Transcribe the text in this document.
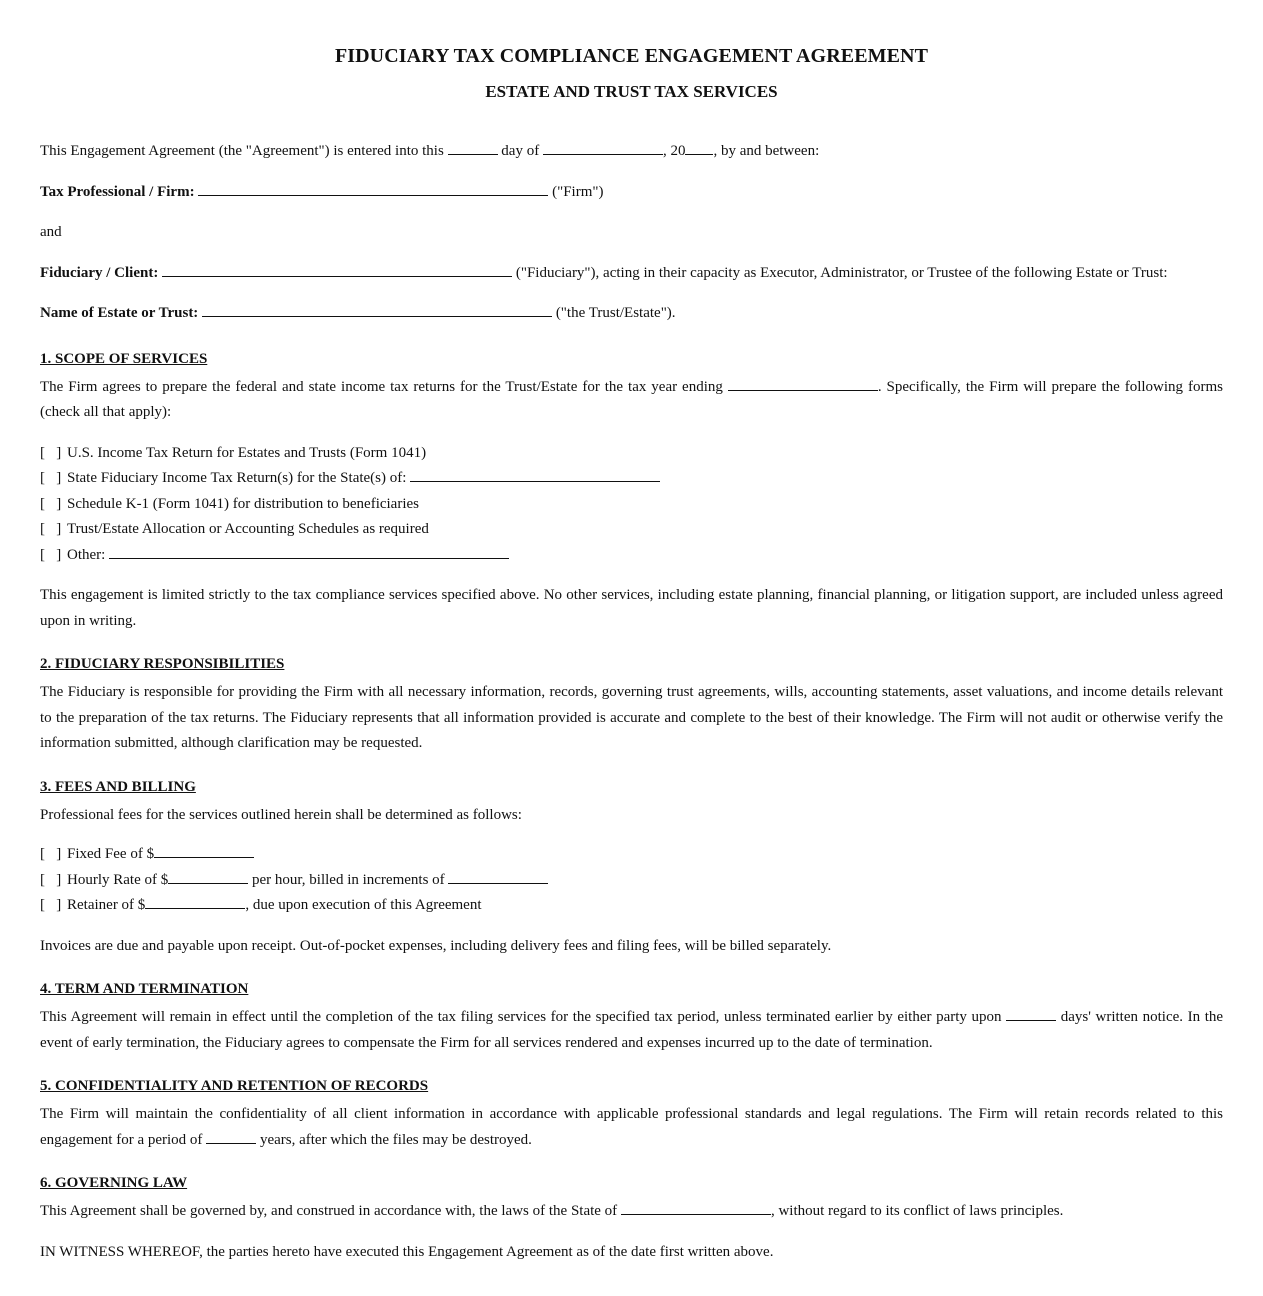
FIDUCIARY TAX COMPLIANCE ENGAGEMENT AGREEMENT
ESTATE AND TRUST TAX SERVICES

This Engagement Agreement (the "Agreement") is entered into this	day of	, 20 , by and between:

Tax Professional / Firm:	("Firm")

and

Fiduciary / Client:	("Fiduciary"), acting in their capacity as Executor, Administrator, or Trustee of the following Estate or Trust:

Name of Estate or Trust:	("the Trust/Estate").

1. SCOPE OF SERVICES

The Firm agrees to prepare the federal and state income tax returns for the Trust/Estate for the tax year ending	. Specifically, the Firm will prepare the following forms (check all that apply):

[   ] U.S. Income Tax Return for Estates and Trusts (Form 1041)
[   ] State Fiduciary Income Tax Return(s) for the State(s) of:
[   ] Schedule K-1 (Form 1041) for distribution to beneficiaries
[   ] Trust/Estate Allocation or Accounting Schedules as required
[   ] Other:

This engagement is limited strictly to the tax compliance services specified above. No other services, including estate planning, financial planning, or litigation support, are included unless agreed upon in writing.

2. FIDUCIARY RESPONSIBILITIES

The Fiduciary is responsible for providing the Firm with all necessary information, records, governing trust agreements, wills, accounting statements, asset valuations, and income details relevant to the preparation of the tax returns. The Fiduciary represents that all information provided is accurate and complete to the best of their knowledge. The Firm will not audit or otherwise verify the information submitted, although clarification may be requested.

3. FEES AND BILLING

Professional fees for the services outlined herein shall be determined as follows:

[   ] Fixed Fee of $
[   ] Hourly Rate of $	per hour, billed in increments of
[   ] Retainer of $	, due upon execution of this Agreement

Invoices are due and payable upon receipt. Out-of-pocket expenses, including delivery fees and filing fees, will be billed separately.

4. TERM AND TERMINATION

This Agreement will remain in effect until the completion of the tax filing services for the specified tax period, unless terminated earlier by either party upon	days' written notice. In the event of early termination, the Fiduciary agrees to compensate the Firm for all services rendered and expenses incurred up to the date of termination.

5. CONFIDENTIALITY AND RETENTION OF RECORDS

The Firm will maintain the confidentiality of all client information in accordance with applicable professional standards and legal regulations. The Firm will retain records related to this engagement for a period of	years, after which the files may be destroyed.

6. GOVERNING LAW

This Agreement shall be governed by, and construed in accordance with, the laws of the State of	, without regard to its conflict of laws principles.

IN WITNESS WHEREOF, the parties hereto have executed this Engagement Agreement as of the date first written above.
